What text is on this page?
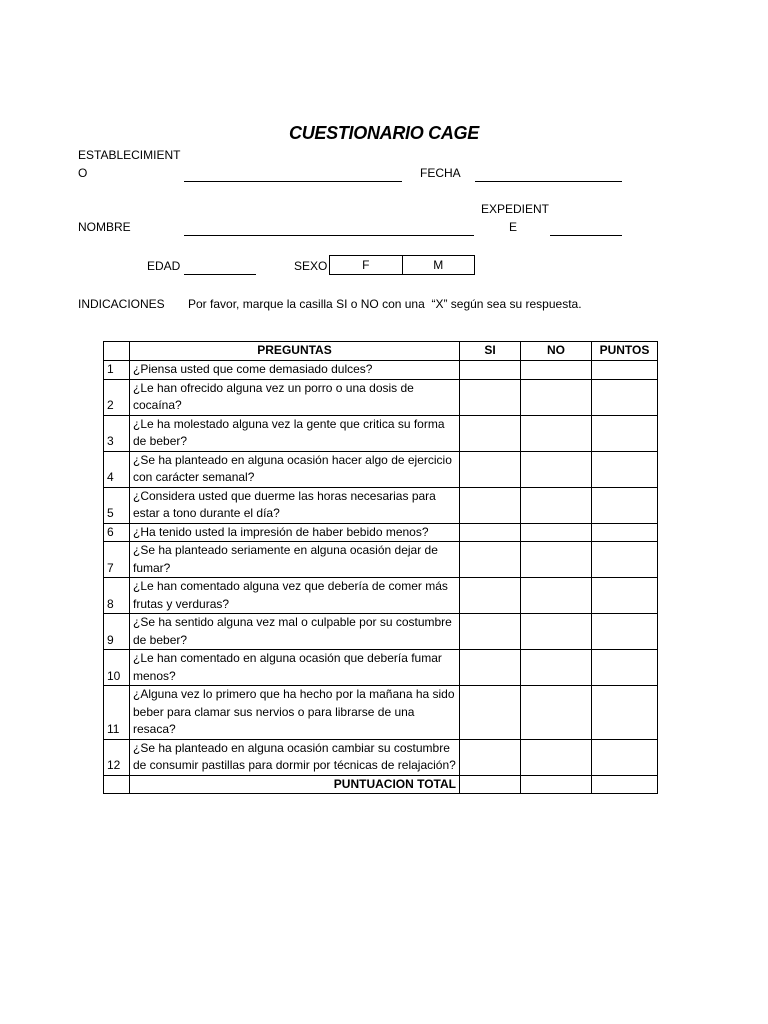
CUESTIONARIO CAGE
ESTABLECIMIENT
O	FECHA
NOMBRE
EXPEDIENT
E
EDAD	SEXO	F	M
INDICACIONES Por favor, marque la casilla SI o NO con una  “X” según sea su respuesta.
	PREGUNTAS	SI	NO	PUNTOS
1	¿Piensa usted que come demasiado dulces?			
2	¿Le han ofrecido alguna vez un porro o una dosis de cocaína?			
3	¿Le ha molestado alguna vez la gente que critica su forma de beber?			
4	¿Se ha planteado en alguna ocasión hacer algo de ejercicio con carácter semanal?			
5	¿Considera usted que duerme las horas necesarias para estar a tono durante el día?			
6	¿Ha tenido usted la impresión de haber bebido menos?			
7	¿Se ha planteado seriamente en alguna ocasión dejar de fumar?			
8	¿Le han comentado alguna vez que debería de comer más frutas y verduras?			
9	¿Se ha sentido alguna vez mal o culpable por su costumbre de beber?			
10	¿Le han comentado en alguna ocasión que debería fumar menos?			
11	¿Alguna vez lo primero que ha hecho por la mañana ha sido beber para clamar sus nervios o para librarse de una resaca?			
12	¿Se ha planteado en alguna ocasión cambiar su costumbre de consumir pastillas para dormir por técnicas de relajación?			
	PUNTUACION TOTAL			
